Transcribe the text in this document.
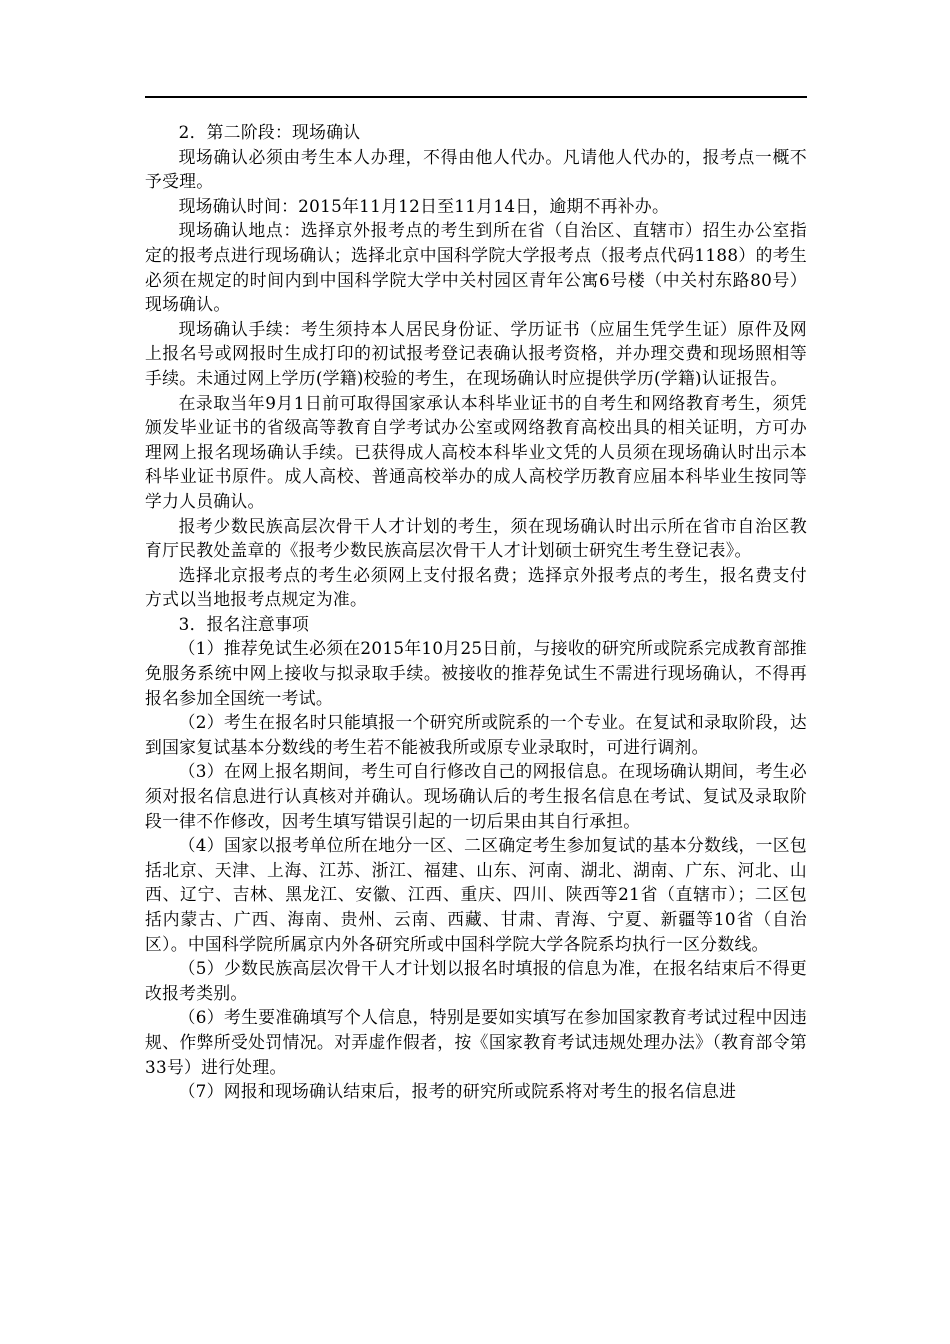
2．第二阶段：现场确认

现场确认必须由考生本人办理，不得由他人代办。凡请他人代办的，报考点一概不予受理。

现场确认时间：2015年11月12日至11月14日，逾期不再补办。

现场确认地点：选择京外报考点的考生到所在省（自治区、直辖市）招生办公室指定的报考点进行现场确认；选择北京中国科学院大学报考点（报考点代码1188）的考生必须在规定的时间内到中国科学院大学中关村园区青年公寓6号楼（中关村东路80号）现场确认。

现场确认手续：考生须持本人居民身份证、学历证书（应届生凭学生证）原件及网上报名号或网报时生成打印的初试报考登记表确认报考资格，并办理交费和现场照相等手续。未通过网上学历(学籍)校验的考生，在现场确认时应提供学历(学籍)认证报告。

在录取当年9月1日前可取得国家承认本科毕业证书的自考生和网络教育考生，须凭颁发毕业证书的省级高等教育自学考试办公室或网络教育高校出具的相关证明，方可办理网上报名现场确认手续。已获得成人高校本科毕业文凭的人员须在现场确认时出示本科毕业证书原件。成人高校、普通高校举办的成人高校学历教育应届本科毕业生按同等学力人员确认。

报考少数民族高层次骨干人才计划的考生，须在现场确认时出示所在省市自治区教育厅民教处盖章的《报考少数民族高层次骨干人才计划硕士研究生考生登记表》。

选择北京报考点的考生必须网上支付报名费；选择京外报考点的考生，报名费支付方式以当地报考点规定为准。

3．报名注意事项

（1）推荐免试生必须在2015年10月25日前，与接收的研究所或院系完成教育部推免服务系统中网上接收与拟录取手续。被接收的推荐免试生不需进行现场确认，不得再报名参加全国统一考试。

（2）考生在报名时只能填报一个研究所或院系的一个专业。在复试和录取阶段，达到国家复试基本分数线的考生若不能被我所或原专业录取时，可进行调剂。

（3）在网上报名期间，考生可自行修改自己的网报信息。在现场确认期间，考生必须对报名信息进行认真核对并确认。现场确认后的考生报名信息在考试、复试及录取阶段一律不作修改，因考生填写错误引起的一切后果由其自行承担。

（4）国家以报考单位所在地分一区、二区确定考生参加复试的基本分数线，一区包括北京、天津、上海、江苏、浙江、福建、山东、河南、湖北、湖南、广东、河北、山西、辽宁、吉林、黑龙江、安徽、江西、重庆、四川、陕西等21省（直辖市）；二区包括内蒙古、广西、海南、贵州、云南、西藏、甘肃、青海、宁夏、新疆等10省（自治区）。中国科学院所属京内外各研究所或中国科学院大学各院系均执行一区分数线。

（5）少数民族高层次骨干人才计划以报名时填报的信息为准，在报名结束后不得更改报考类别。

（6）考生要准确填写个人信息，特别是要如实填写在参加国家教育考试过程中因违规、作弊所受处罚情况。对弄虚作假者，按《国家教育考试违规处理办法》（教育部令第33号）进行处理。

（7）网报和现场确认结束后，报考的研究所或院系将对考生的报名信息进
